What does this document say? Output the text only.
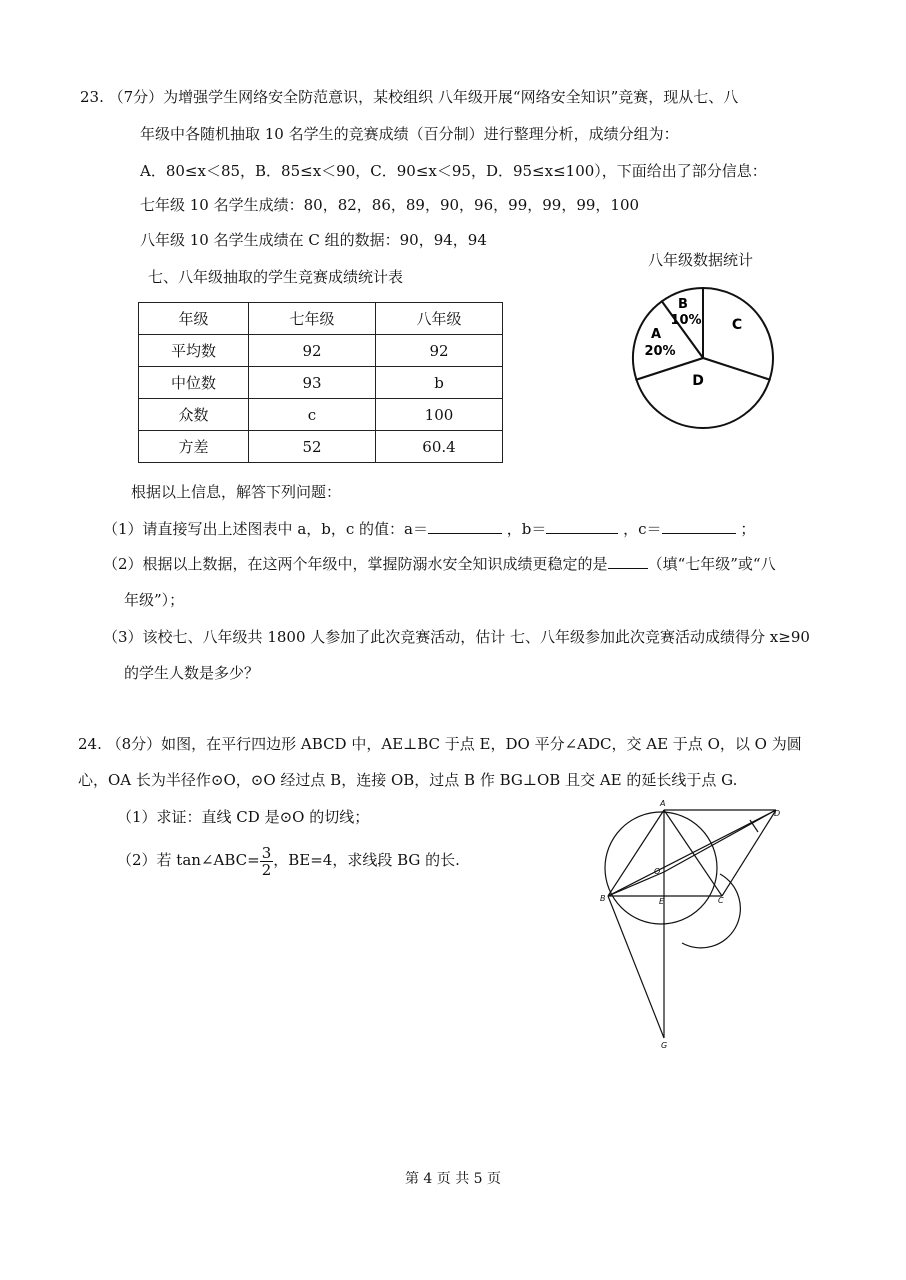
23. （7分）为增强学生网络安全防范意识，某校组织 八年级开展“网络安全知识”竞赛，现从七、八
年级中各随机抽取 10 名学生的竞赛成绩（百分制）进行整理分析，成绩分组为：
A．80≤x＜85，B．85≤x＜90，C．90≤x＜95，D．95≤x≤100），下面给出了部分信息：
七年级 10 名学生成绩：80，82，86，89，90，96，99，99，99，100
八年级 10 名学生成绩在 C 组的数据：90，94，94
七、八年级抽取的学生竞赛成绩统计表
年级	七年级	八年级
平均数	92	92
中位数	93	b
众数	c	100
方差	52	60.4
八年级数据统计
B
10%
A
20%
C
D
根据以上信息，解答下列问题：
（1）请直接写出上述图表中 a，b，c 的值：a＝	，b＝	，c＝	；
（2）根据以上数据，在这两个年级中，掌握防溺水安全知识成绩更稳定的是	（填“七年级”或“八
年级”）；
（3）该校七、八年级共 1800 人参加了此次竞赛活动，估计 七、八年级参加此次竞赛活动成绩得分 x≥90
的学生人数是多少？
24. （8分）如图，在平行四边形 ABCD 中，AE⊥BC 于点 E，DO 平分∠ADC，交 AE 于点 O，以 O 为圆
心，OA 长为半径作⊙O，⊙O 经过点 B，连接 OB，过点 B 作 BG⊥OB 且交 AE 的延长线于点 G.
（1）求证：直线 CD 是⊙O 的切线；
（2）若 tan∠ABC= $\frac{3}{2}$ ，BE=4，求线段 BG 的长.
A
D
B	C
E
O
G
第 4 页 共 5 页
